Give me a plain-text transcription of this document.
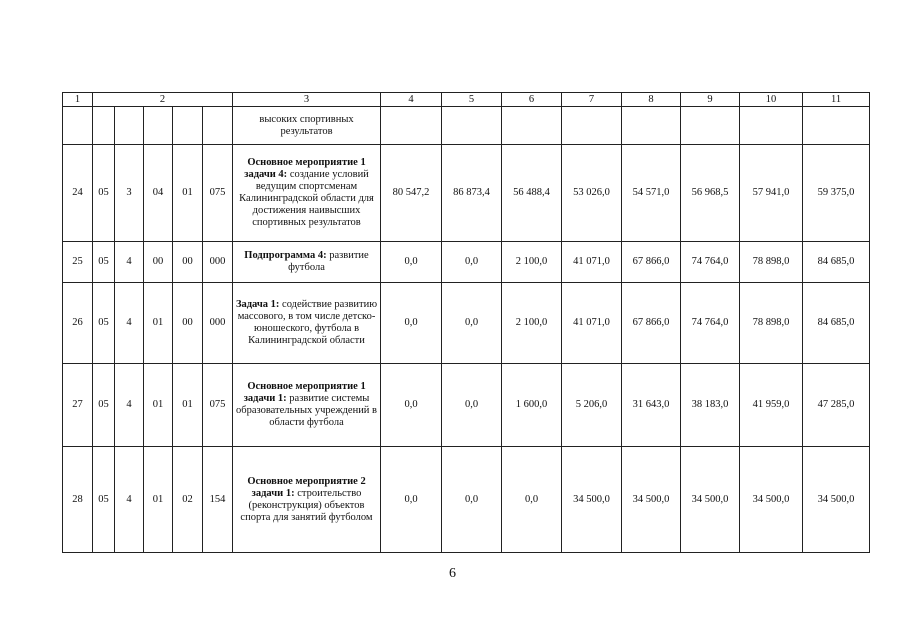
1	2					3	4	5	6	7	8	9	10	11
						высоких спортивных результатов								
24	05	3	04	01	075	Основное мероприятие 1 задачи 4: создание условий ведущим спортсменам Калининградской области для достижения наивысших спортивных результатов	80 547,2	86 873,4	56 488,4	53 026,0	54 571,0	56 968,5	57 941,0	59 375,0
25	05	4	00	00	000	Подпрограмма 4: развитие футбола	0,0	0,0	2 100,0	41 071,0	67 866,0	74 764,0	78 898,0	84 685,0
26	05	4	01	00	000	Задача 1: содействие развитию массового, в том числе детско-юношеского, футбола в Калининградской области	0,0	0,0	2 100,0	41 071,0	67 866,0	74 764,0	78 898,0	84 685,0
27	05	4	01	01	075	Основное мероприятие 1 задачи 1: развитие системы образовательных учреждений в области футбола	0,0	0,0	1 600,0	5 206,0	31 643,0	38 183,0	41 959,0	47 285,0
28	05	4	01	02	154	Основное мероприятие 2 задачи 1: строительство (реконструкция) объектов спорта для занятий футболом	0,0	0,0	0,0	34 500,0	34 500,0	34 500,0	34 500,0	34 500,0
6
